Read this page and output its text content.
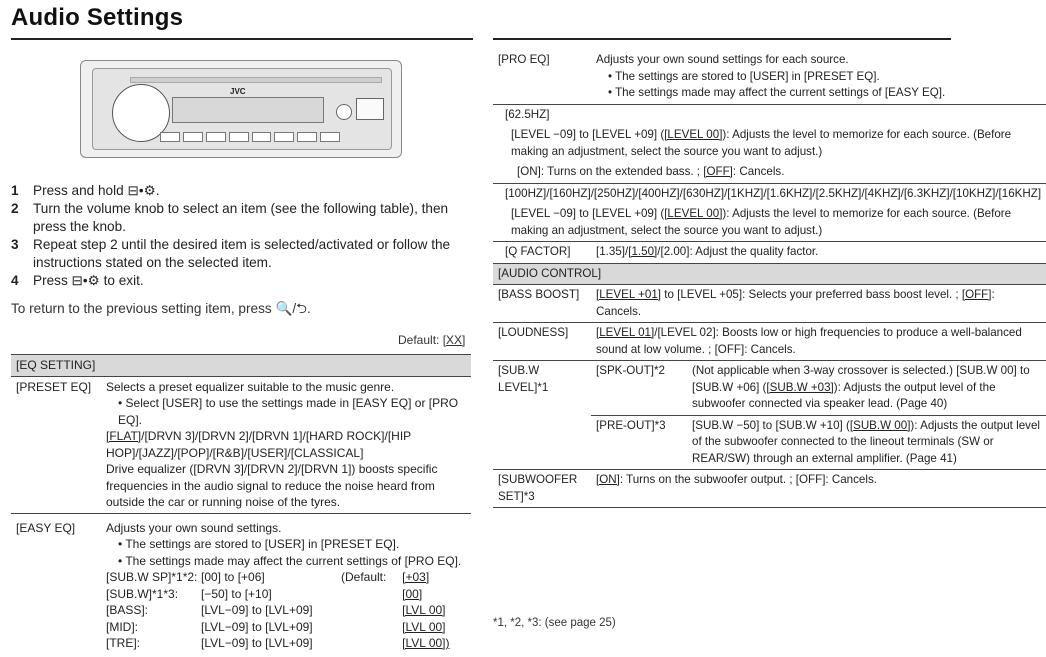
Audio Settings
JVC
1	Press and hold ⊟•⚙.
2	Turn the volume knob to select an item (see the following table), then press the knob.
3	Repeat step 2 until the desired item is selected/activated or follow the instructions stated on the selected item.
4	Press ⊟•⚙ to exit.
To return to the previous setting item, press 🔍/⮌.
Default: [XX]
[EQ SETTING]
[PRESET EQ]	Selects a preset equalizer suitable to the music genre.
• Select [USER] to use the settings made in [EASY EQ] or [PRO EQ].
[FLAT]/[DRVN 3]/[DRVN 2]/[DRVN 1]/[HARD ROCK]/[HIP HOP]/[JAZZ]/[POP]/[R&B]/[USER]/[CLASSICAL]
Drive equalizer ([DRVN 3]/[DRVN 2]/[DRVN 1]) boosts specific frequencies in the audio signal to reduce the noise heard from outside the car or running noise of the tyres.

[EASY EQ]	Adjusts your own sound settings.
• The settings are stored to [USER] in [PRESET EQ].
• The settings made may affect the current settings of [PRO EQ].
[SUB.W SP]*1*2:	[00] to [+06]	(Default:	[+03]
[SUB.W]*1*3:	[−50] to [+10]		[00]
[BASS]:	[LVL−09] to [LVL+09]		[LVL 00]
[MID]:	[LVL−09] to [LVL+09]		[LVL 00]
[TRE]:	[LVL−09] to [LVL+09]		[LVL 00])
[PRO EQ]	Adjusts your own sound settings for each source.
• The settings are stored to [USER] in [PRESET EQ].
• The settings made may affect the current settings of [EASY EQ].

[62.5HZ]
[LEVEL −09] to [LEVEL +09] ([LEVEL 00]): Adjusts the level to memorize for each source. (Before making an adjustment, select the source you want to adjust.)
[ON]: Turns on the extended bass. ; [OFF]: Cancels.
[100HZ]/[160HZ]/[250HZ]/[400HZ]/[630HZ]/[1KHZ]/[1.6KHZ]/[2.5KHZ]/[4KHZ]/[6.3KHZ]/[10KHZ]/[16KHZ]
[LEVEL −09] to [LEVEL +09] ([LEVEL 00]): Adjusts the level to memorize for each source. (Before making an adjustment, select the source you want to adjust.)
[Q FACTOR]	[1.35]/[1.50]/[2.00]: Adjust the quality factor.
[AUDIO CONTROL]
[BASS BOOST]	[LEVEL +01] to [LEVEL +05]: Selects your preferred bass boost level. ; [OFF]: Cancels.
[LOUDNESS]	[LEVEL 01]/[LEVEL 02]: Boosts low or high frequencies to produce a well-balanced sound at low volume. ; [OFF]: Cancels.
[SUB.W LEVEL]*1	
[SPK-OUT]*2	(Not applicable when 3-way crossover is selected.) [SUB.W 00] to [SUB.W +06] ([SUB.W +03]): Adjusts the output level of the subwoofer connected via speaker lead. (Page 40)
[PRE-OUT]*3	[SUB.W −50] to [SUB.W +10] ([SUB.W 00]): Adjusts the output level of the subwoofer connected to the lineout terminals (SW or REAR/SW) through an external amplifier. (Page 41)

[SUBWOOFER SET]*3	[ON]: Turns on the subwoofer output. ; [OFF]: Cancels.
*1, *2, *3: (see page 25)
